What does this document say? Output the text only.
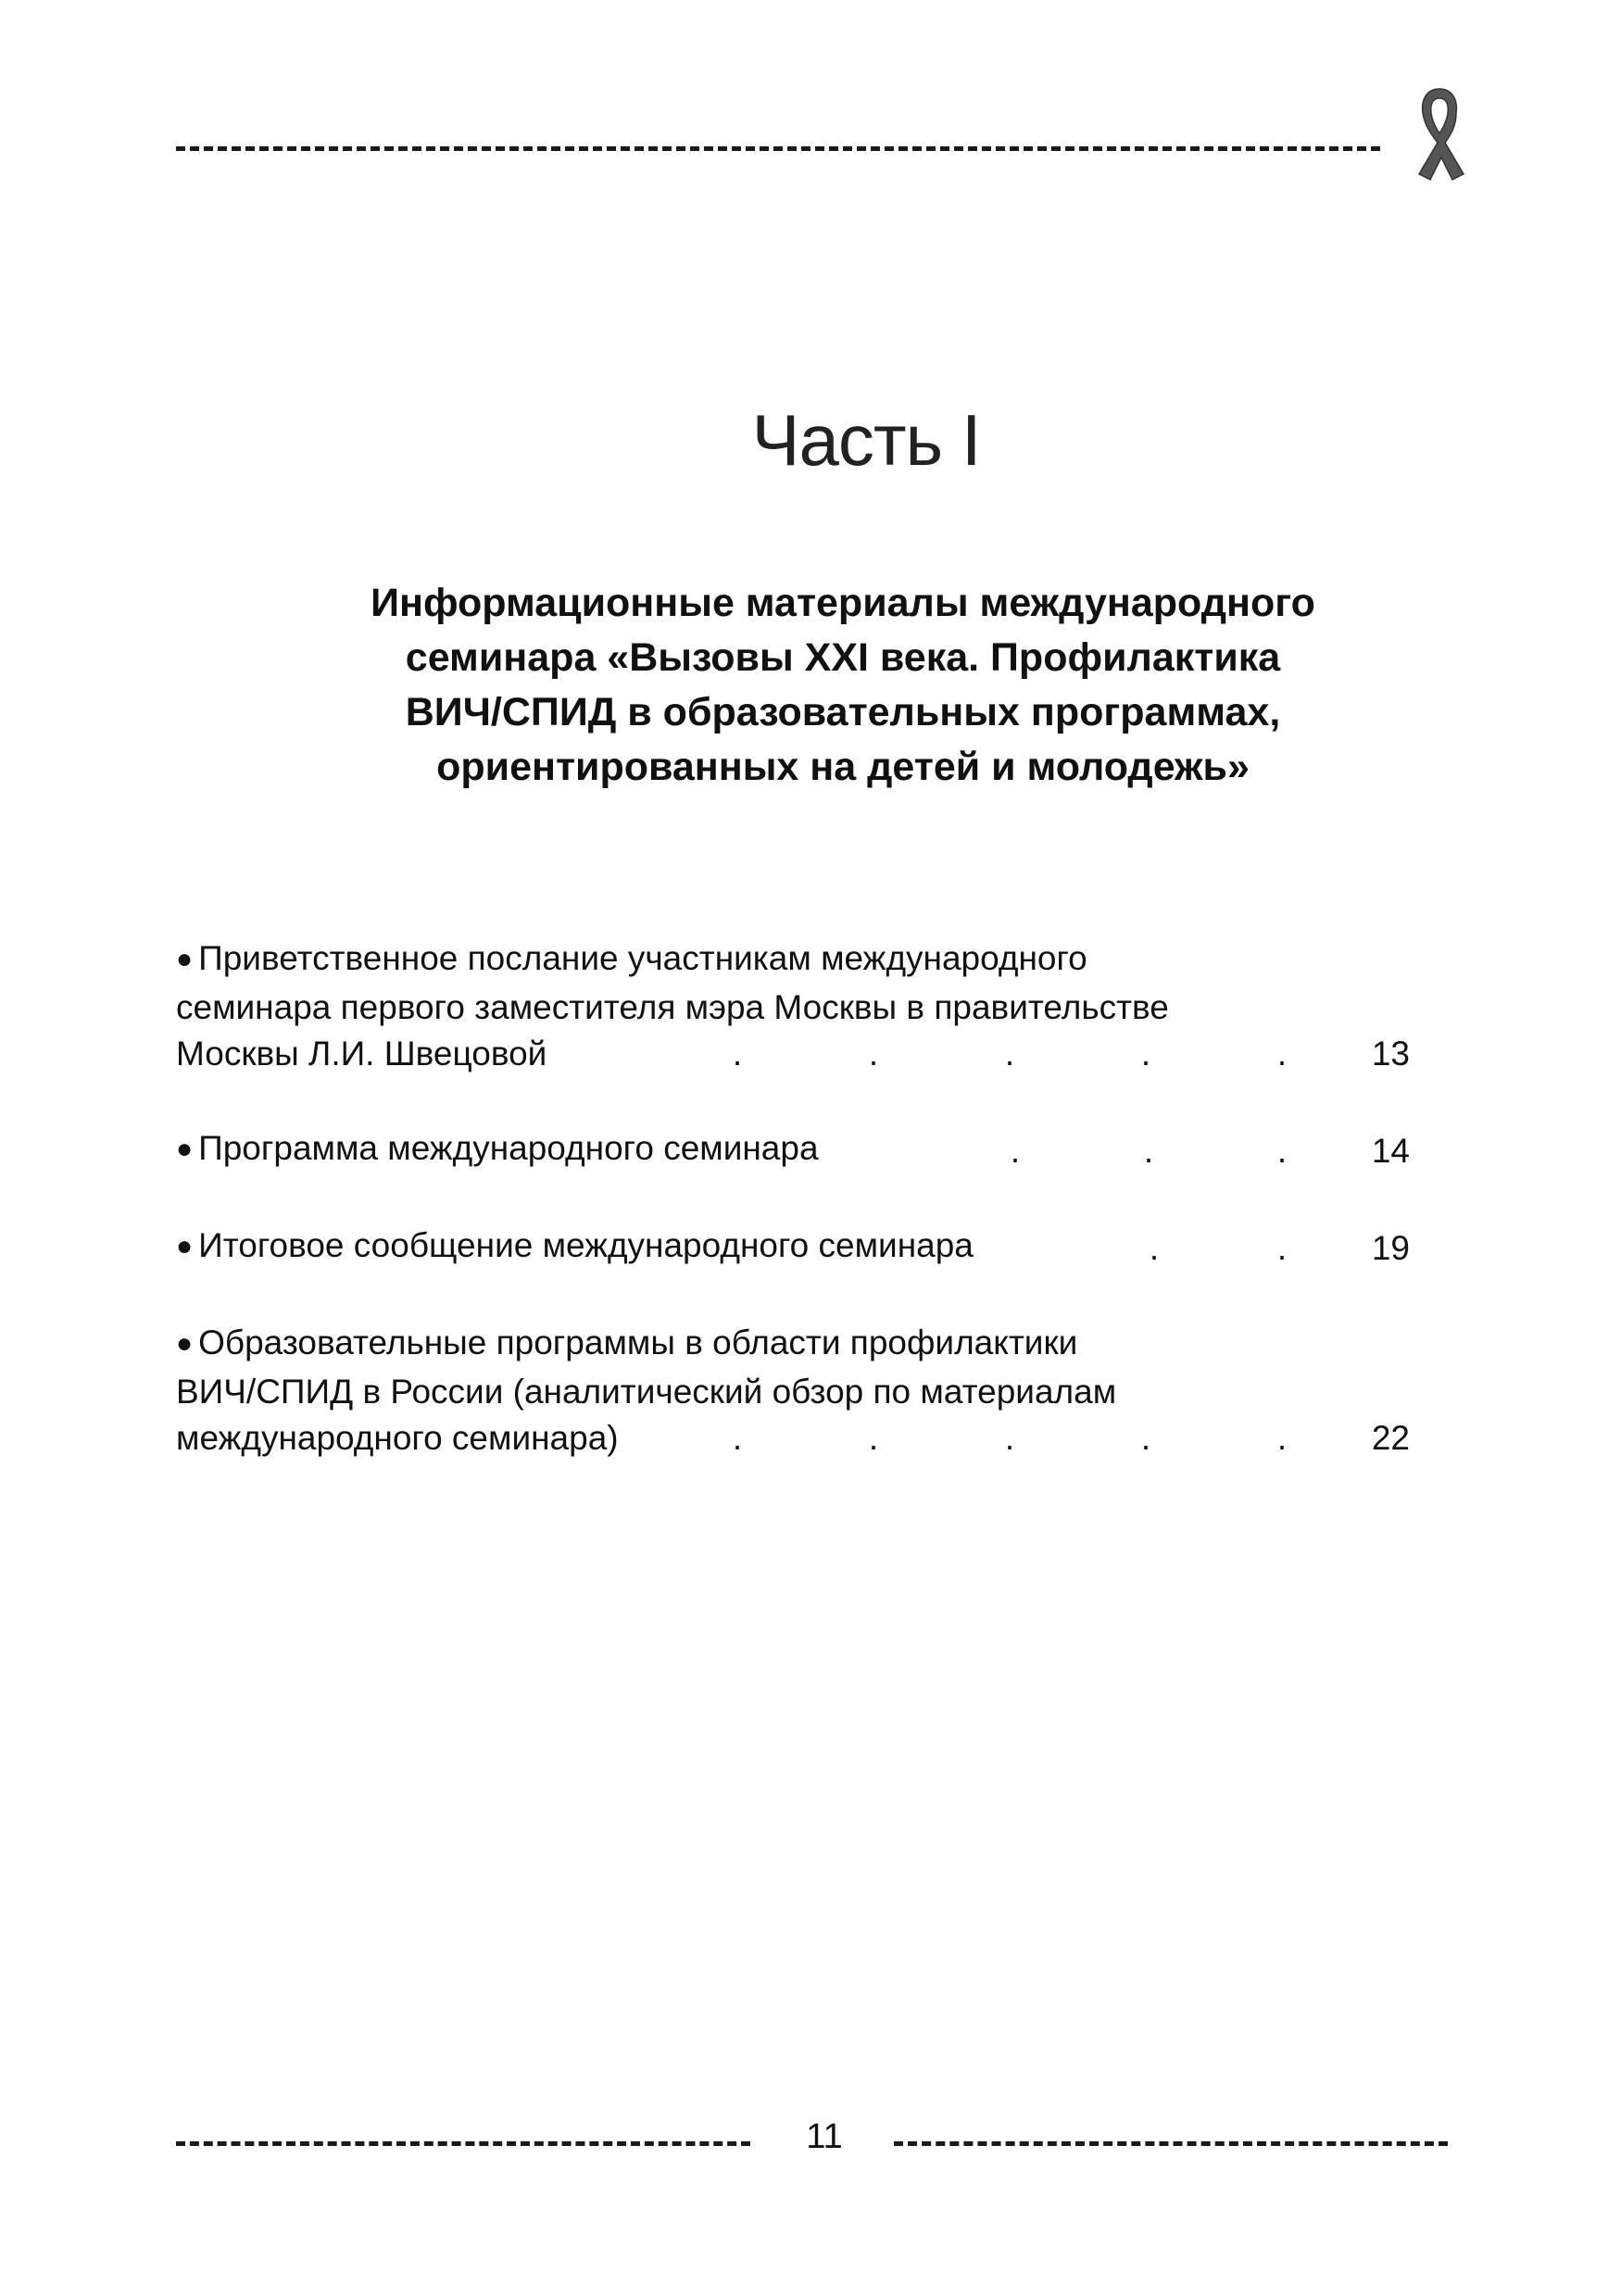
Часть I
Информационные материалы международного
семинара «Вызовы XXI века. Профилактика
ВИЧ/СПИД в образовательных программах,
ориентированных на детей и молодежь»
● Приветственное послание участникам международного
семинара первого заместителя мэра Москвы в правительстве
Москвы Л.И. Швецовой	.	.	.	.	. 13
● Программа международного семинара	.	.	. 14
● Итоговое сообщение международного семинара	.	. 19
● Образовательные программы в области профилактики
ВИЧ/СПИД в России (аналитический обзор по материалам
международного семинара)	.	.	.	.	. 22
11
